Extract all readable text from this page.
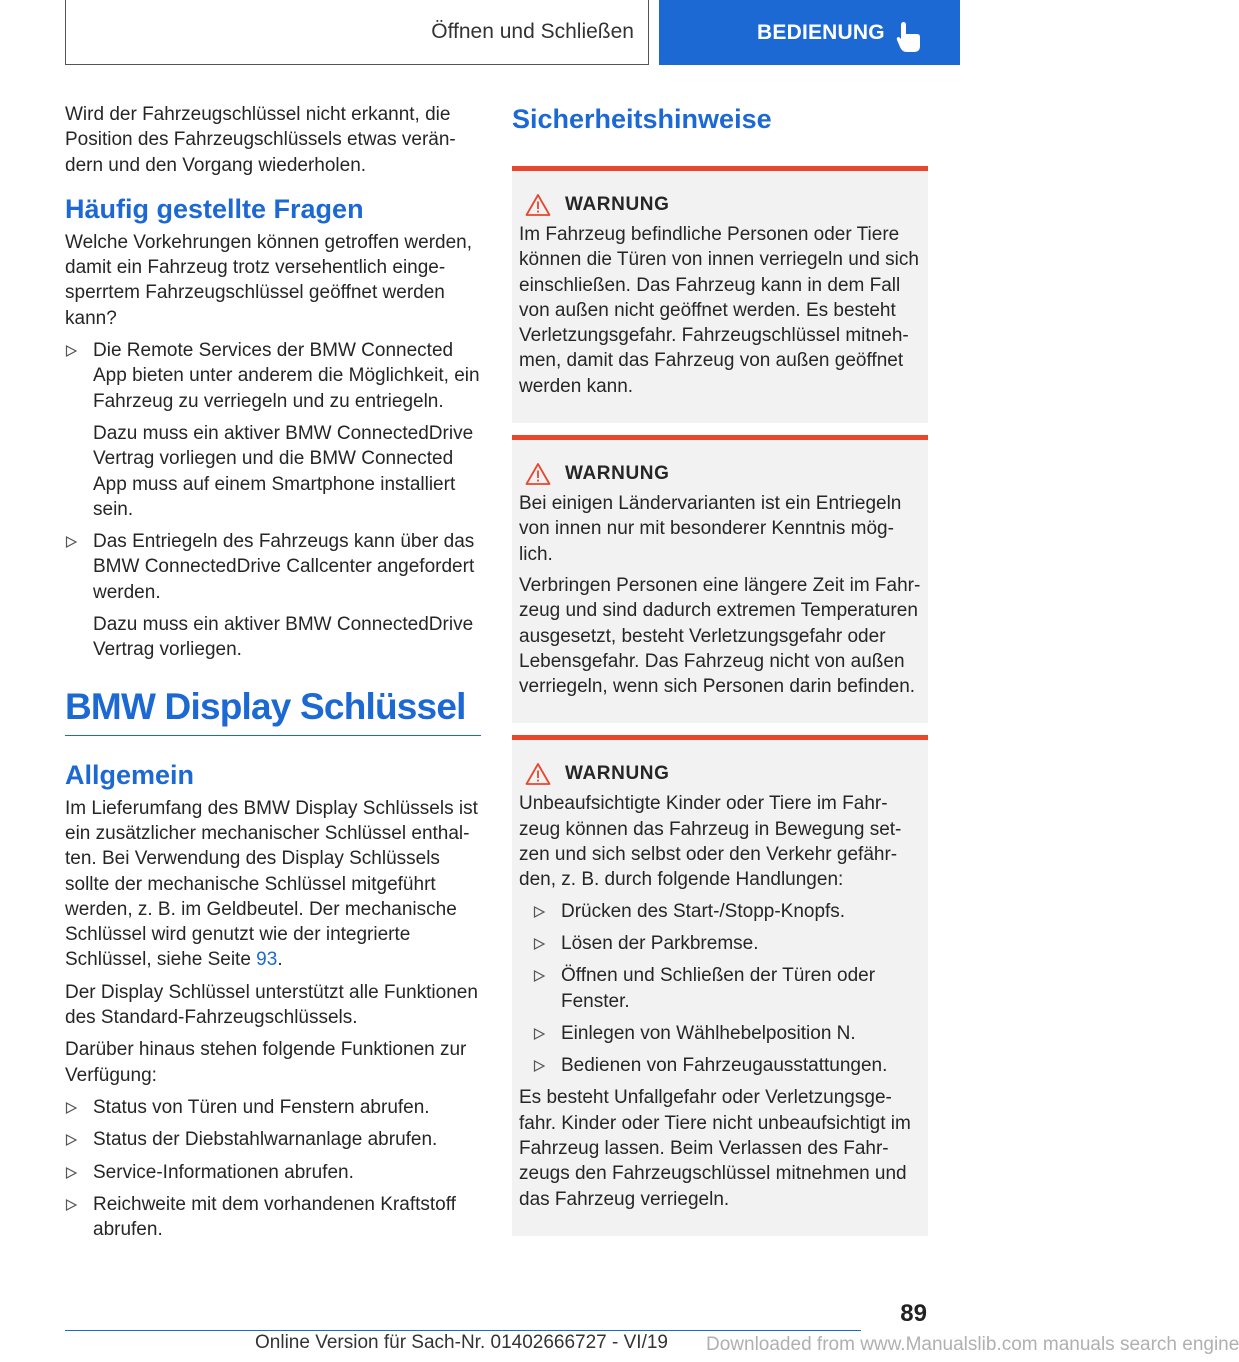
Öffnen und Schließen	BEDIENUNG

Wird der Fahrzeugschlüssel nicht erkannt, die Position des Fahrzeugschlüssels etwas verändern und den Vorgang wiederholen.

Häufig gestellte Fragen

Welche Vorkehrungen können getroffen werden, damit ein Fahrzeug trotz versehentlich eingesperrtem Fahrzeugschlüssel geöffnet werden kann?

Die Remote Services der BMW Connected App bieten unter anderem die Möglichkeit, ein Fahrzeug zu verriegeln und zu entriegeln.

Dazu muss ein aktiver BMW ConnectedDrive Vertrag vorliegen und die BMW Connected App muss auf einem Smartphone installiert sein.

Das Entriegeln des Fahrzeugs kann über das BMW ConnectedDrive Callcenter angefordert werden.

Dazu muss ein aktiver BMW ConnectedDrive Vertrag vorliegen.

BMW Display Schlüssel
Allgemein

Im Lieferumfang des BMW Display Schlüssels ist ein zusätzlicher mechanischer Schlüssel enthalten. Bei Verwendung des Display Schlüssels sollte der mechanische Schlüssel mitgeführt werden, z. B. im Geldbeutel. Der mechanische Schlüssel wird genutzt wie der integrierte Schlüssel, siehe Seite 93.

Der Display Schlüssel unterstützt alle Funktionen des Standard-Fahrzeugschlüssels.

Darüber hinaus stehen folgende Funktionen zur Verfügung:

Status von Türen und Fenstern abrufen.
Status der Diebstahlwarnanlage abrufen.
Service-Informationen abrufen.
Reichweite mit dem vorhandenen Kraftstoff abrufen.
Sicherheitshinweise
WARNUNG

Im Fahrzeug befindliche Personen oder Tiere können die Türen von innen verriegeln und sich einschließen. Das Fahrzeug kann in dem Fall von außen nicht geöffnet werden. Es besteht Verletzungsgefahr. Fahrzeugschlüssel mitnehmen, damit das Fahrzeug von außen geöffnet werden kann.

WARNUNG

Bei einigen Ländervarianten ist ein Entriegeln von innen nur mit besonderer Kenntnis möglich.

Verbringen Personen eine längere Zeit im Fahrzeug und sind dadurch extremen Temperaturen ausgesetzt, besteht Verletzungsgefahr oder Lebensgefahr. Das Fahrzeug nicht von außen verriegeln, wenn sich Personen darin befinden.

WARNUNG

Unbeaufsichtigte Kinder oder Tiere im Fahrzeug können das Fahrzeug in Bewegung setzen und sich selbst oder den Verkehr gefährden, z. B. durch folgende Handlungen:

Drücken des Start-/Stopp-Knopfs.
Lösen der Parkbremse.
Öffnen und Schließen der Türen oder Fenster.
Einlegen von Wählhebelposition N.
Bedienen von Fahrzeugausstattungen.

Es besteht Unfallgefahr oder Verletzungsgefahr. Kinder oder Tiere nicht unbeaufsichtigt im Fahrzeug lassen. Beim Verlassen des Fahrzeugs den Fahrzeugschlüssel mitnehmen und das Fahrzeug verriegeln.

89
Online Version für Sach-Nr. 01402666727 - VI/19 Downloaded from www.Manualslib.com manuals search engine
